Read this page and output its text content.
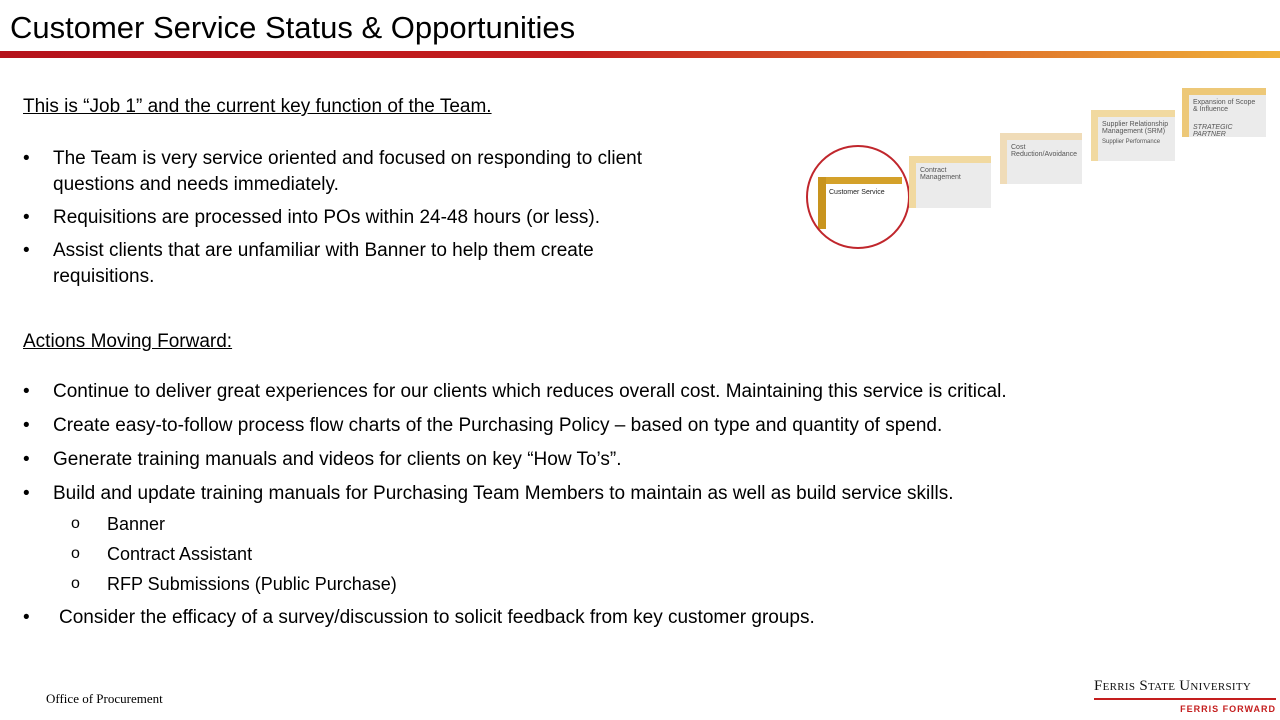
Customer Service Status & Opportunities
This is “Job 1” and the current key function of the Team.
• The Team is very service oriented and focused on responding to client questions and needs immediately.
• Requisitions are processed into POs within 24-48 hours (or less).
• Assist clients that are unfamiliar with Banner to help them create requisitions.
Customer Service
Contract
Management
Cost
Reduction/Avoidance
Supplier Relationship
Management (SRM)
Supplier Performance
Expansion of Scope
& Influence
STRATEGIC
PARTNER
Actions Moving Forward:
• Continue to deliver great experiences for our clients which reduces overall cost. Maintaining this service is critical.
• Create easy-to-follow process flow charts of the Purchasing Policy – based on type and quantity of spend.
• Generate training manuals and videos for clients on key “How To’s”.
• Build and update training manuals for Purchasing Team Members to maintain as well as build service skills.
o Banner
o Contract Assistant
o RFP Submissions (Public Purchase)
• Consider the efficacy of a survey/discussion to solicit feedback from key customer groups.
Office of Procurement
Ferris State University
FERRIS FORWARD
